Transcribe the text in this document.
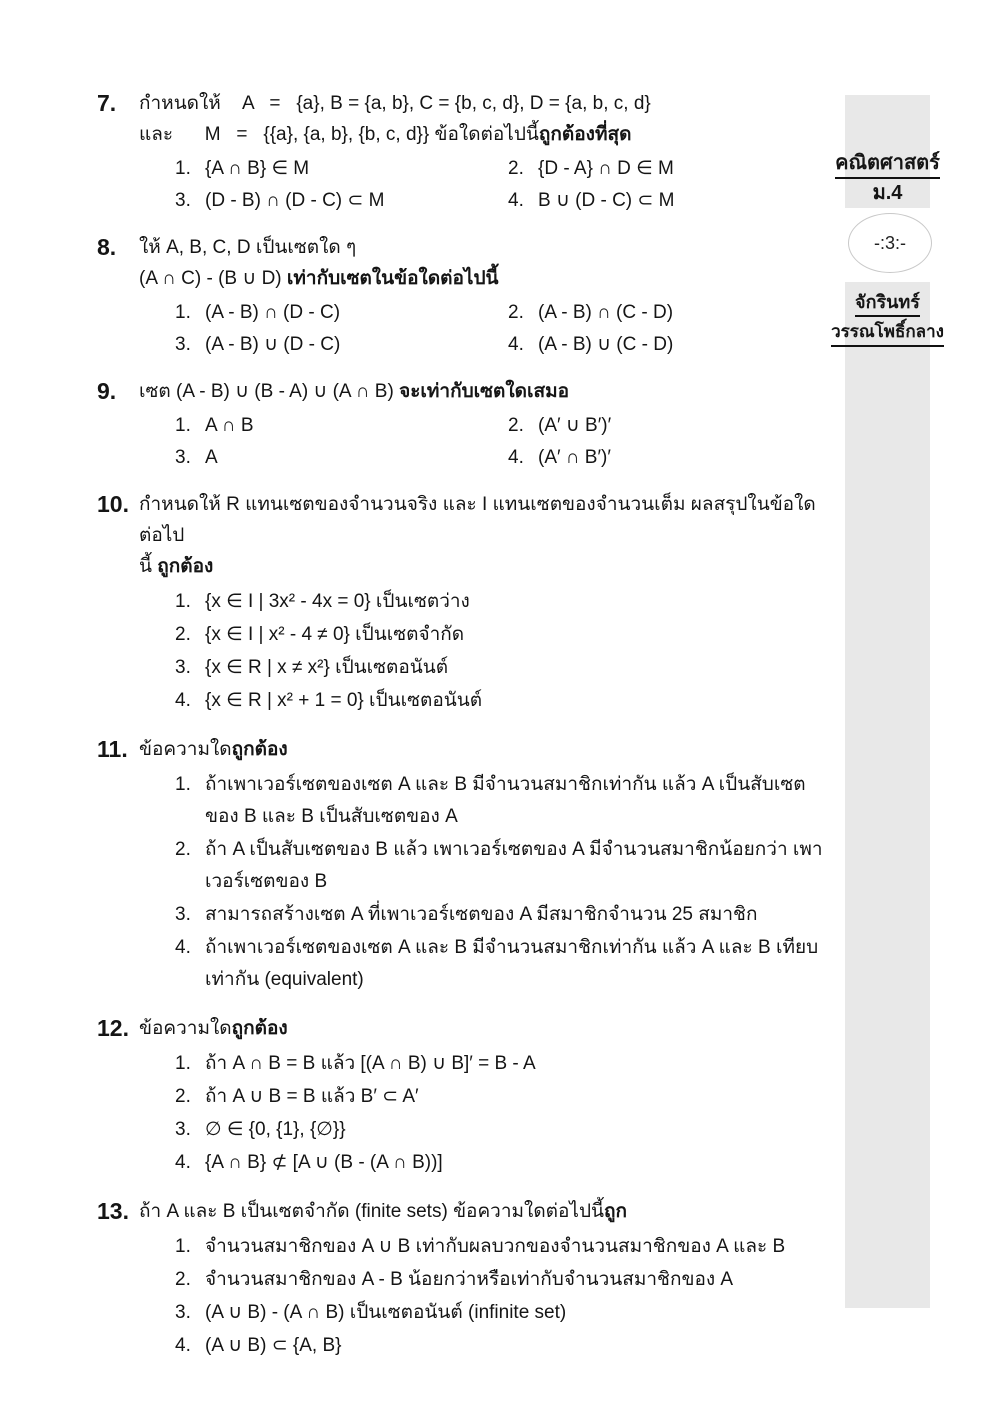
คณิตศาสตร์
ม.4
-:3:-
จักรินทร์
วรรณโพธิ์กลาง
7.	กำหนดให้    A   =   {a}, B = {a, b}, C = {b, c, d}, D = {a, b, c, d}
และ      M   =   {{a}, {a, b}, {b, c, d}} ข้อใดต่อไปนี้ถูกต้องที่สุด
1. {A ∩ B} ∈ M	2. {D - A} ∩ D ∈ M
3. (D - B) ∩ (D - C) ⊂ M	4. B ∪ (D - C) ⊂ M
8.	ให้ A, B, C, D เป็นเซตใด ๆ
(A ∩ C) - (B ∪ D) เท่ากับเซตในข้อใดต่อไปนี้
1. (A - B) ∩ (D - C)	2. (A - B) ∩ (C - D)
3. (A - B) ∪ (D - C)	4. (A - B) ∪ (C - D)
9.	เซต (A - B) ∪ (B - A) ∪ (A ∩ B) จะเท่ากับเซตใดเสมอ
1. A ∩ B	2. (A′ ∪ B′)′
3. A	4. (A′ ∩ B′)′
10. กำหนดให้ R แทนเซตของจำนวนจริง และ I แทนเซตของจำนวนเต็ม ผลสรุปในข้อใดต่อไป
นี้ ถูกต้อง
1. {x ∈ I | 3x² - 4x = 0} เป็นเซตว่าง
2. {x ∈ I | x² - 4 ≠ 0} เป็นเซตจำกัด
3. {x ∈ R | x ≠ x²} เป็นเซตอนันต์
4. {x ∈ R | x² + 1 = 0} เป็นเซตอนันต์
11. ข้อความใดถูกต้อง
1. ถ้าเพาเวอร์เซตของเซต A และ B มีจำนวนสมาชิกเท่ากัน แล้ว A เป็นสับเซตของ B และ B เป็นสับเซตของ A
2. ถ้า A เป็นสับเซตของ B แล้ว เพาเวอร์เซตของ A มีจำนวนสมาชิกน้อยกว่า เพาเวอร์เซตของ B
3. สามารถสร้างเซต A ที่เพาเวอร์เซตของ A มีสมาชิกจำนวน 25 สมาชิก
4. ถ้าเพาเวอร์เซตของเซต A และ B มีจำนวนสมาชิกเท่ากัน แล้ว A และ B เทียบเท่ากัน (equivalent)
12. ข้อความใดถูกต้อง
1. ถ้า A ∩ B = B แล้ว [(A ∩ B) ∪ B]′ = B - A
2. ถ้า A ∪ B = B แล้ว B′ ⊂ A′
3. ∅ ∈ {0, {1}, {∅}}
4. {A ∩ B} ⊄ [A ∪ (B - (A ∩ B))]
13. ถ้า A และ B เป็นเซตจำกัด (finite sets) ข้อความใดต่อไปนี้ถูก
1. จำนวนสมาชิกของ A ∪ B เท่ากับผลบวกของจำนวนสมาชิกของ A และ B
2. จำนวนสมาชิกของ A - B น้อยกว่าหรือเท่ากับจำนวนสมาชิกของ A
3. (A ∪ B) - (A ∩ B) เป็นเซตอนันต์ (infinite set)
4. (A ∪ B) ⊂ {A, B}
